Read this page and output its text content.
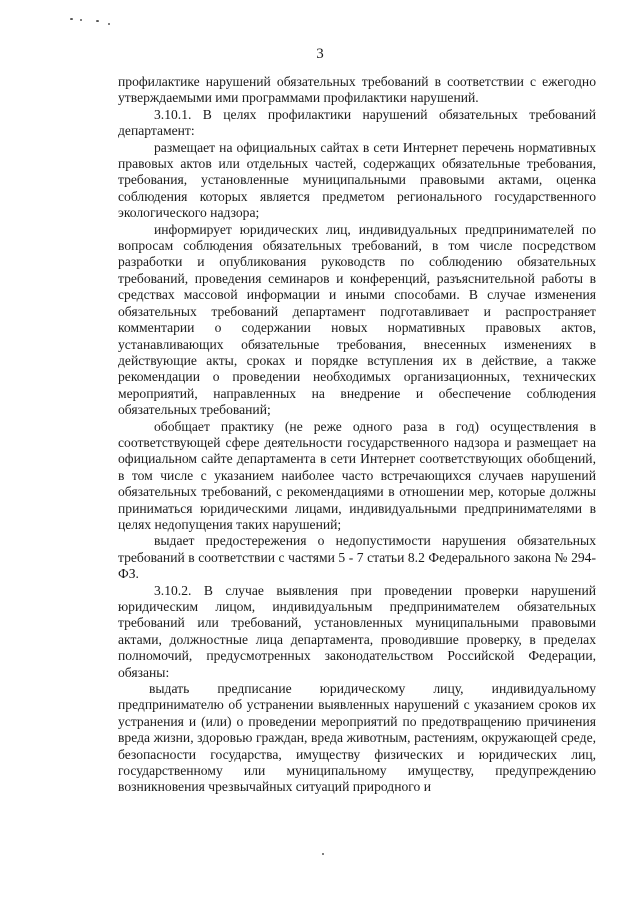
3

профилактике нарушений обязательных требований в соответствии с ежегодно утверждаемыми ими программами профилактики нарушений.

3.10.1. В целях профилактики нарушений обязательных требований департамент:

размещает на официальных сайтах в сети Интернет перечень нормативных правовых актов или отдельных частей, содержащих обязательные требования, требования, установленные муниципальными правовыми актами, оценка соблюдения которых является предметом регионального государственного экологического надзора;

информирует юридических лиц, индивидуальных предпринимателей по вопросам соблюдения обязательных требований, в том числе посредством разработки и опубликования руководств по соблюдению обязательных требований, проведения семинаров и конференций, разъяснительной работы в средствах массовой информации и иными способами. В случае изменения обязательных требований департамент подготавливает и распространяет комментарии о содержании новых нормативных правовых актов, устанавливающих обязательные требования, внесенных изменениях в действующие акты, сроках и порядке вступления их в действие, а также рекомендации о проведении необходимых организационных, технических мероприятий, направленных на внедрение и обеспечение соблюдения обязательных требований;

обобщает практику (не реже одного раза в год) осуществления в соответствующей сфере деятельности государственного надзора и размещает на официальном сайте департамента в сети Интернет соответствующих обобщений, в том числе с указанием наиболее часто встречающихся случаев нарушений обязательных требований, с рекомендациями в отношении мер, которые должны приниматься юридическими лицами, индивидуальными предпринимателями в целях недопущения таких нарушений;

выдает предостережения о недопустимости нарушения обязательных требований в соответствии с частями 5 - 7 статьи 8.2 Федерального закона № 294-ФЗ.

3.10.2. В случае выявления при проведении проверки нарушений юридическим лицом, индивидуальным предпринимателем обязательных требований или требований, установленных муниципальными правовыми актами, должностные лица департамента, проводившие проверку, в пределах полномочий, предусмотренных законодательством Российской Федерации, обязаны:

выдать предписание юридическому лицу, индивидуальному предпринимателю об устранении выявленных нарушений с указанием сроков их устранения и (или) о проведении мероприятий по предотвращению причинения вреда жизни, здоровью граждан, вреда животным, растениям, окружающей среде, безопасности государства, имуществу физических и юридических лиц, государственному или муниципальному имуществу, предупреждению возникновения чрезвычайных ситуаций природного и
